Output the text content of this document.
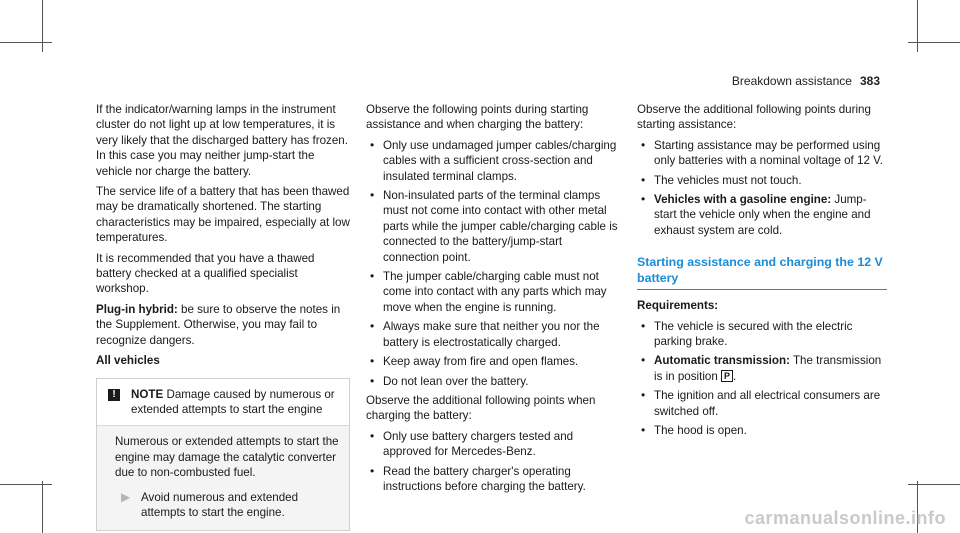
Breakdown assistance 383

If the indicator/warning lamps in the instrument cluster do not light up at low temperatures, it is very likely that the discharged battery has frozen. In this case you may neither jump-start the vehicle nor charge the battery.

The service life of a battery that has been thawed may be dramatically shortened. The starting characteristics may be impaired, especially at low temperatures.

It is recommended that you have a thawed battery checked at a qualified specialist workshop.

Plug-in hybrid: be sure to observe the notes in the Supplement. Otherwise, you may fail to recognize dangers.

All vehicles

!	NOTE Damage caused by numerous or extended attempts to start the engine

Numerous or extended attempts to start the engine may damage the catalytic converter due to non-combusted fuel.

▶ Avoid numerous and extended attempts to start the engine.

Observe the following points during starting assistance and when charging the battery:

• Only use undamaged jumper cables/charging cables with a sufficient cross-section and insulated terminal clamps.
• Non-insulated parts of the terminal clamps must not come into contact with other metal parts while the jumper cable/charging cable is connected to the battery/jump-start connection point.
• The jumper cable/charging cable must not come into contact with any parts which may move when the engine is running.
• Always make sure that neither you nor the battery is electrostatically charged.
• Keep away from fire and open flames.
• Do not lean over the battery.

Observe the additional following points when charging the battery:

• Only use battery chargers tested and approved for Mercedes-Benz.
• Read the battery charger's operating instructions before charging the battery.

Observe the additional following points during starting assistance:

• Starting assistance may be performed using only batteries with a nominal voltage of 12 V.
• The vehicles must not touch.
• Vehicles with a gasoline engine: Jump-start the vehicle only when the engine and exhaust system are cold.
Starting assistance and charging the 12 V battery

Requirements:

• The vehicle is secured with the electric parking brake.
• Automatic transmission: The transmission is in position P .
• The ignition and all electrical consumers are switched off.
• The hood is open.
carmanualsonline.info
